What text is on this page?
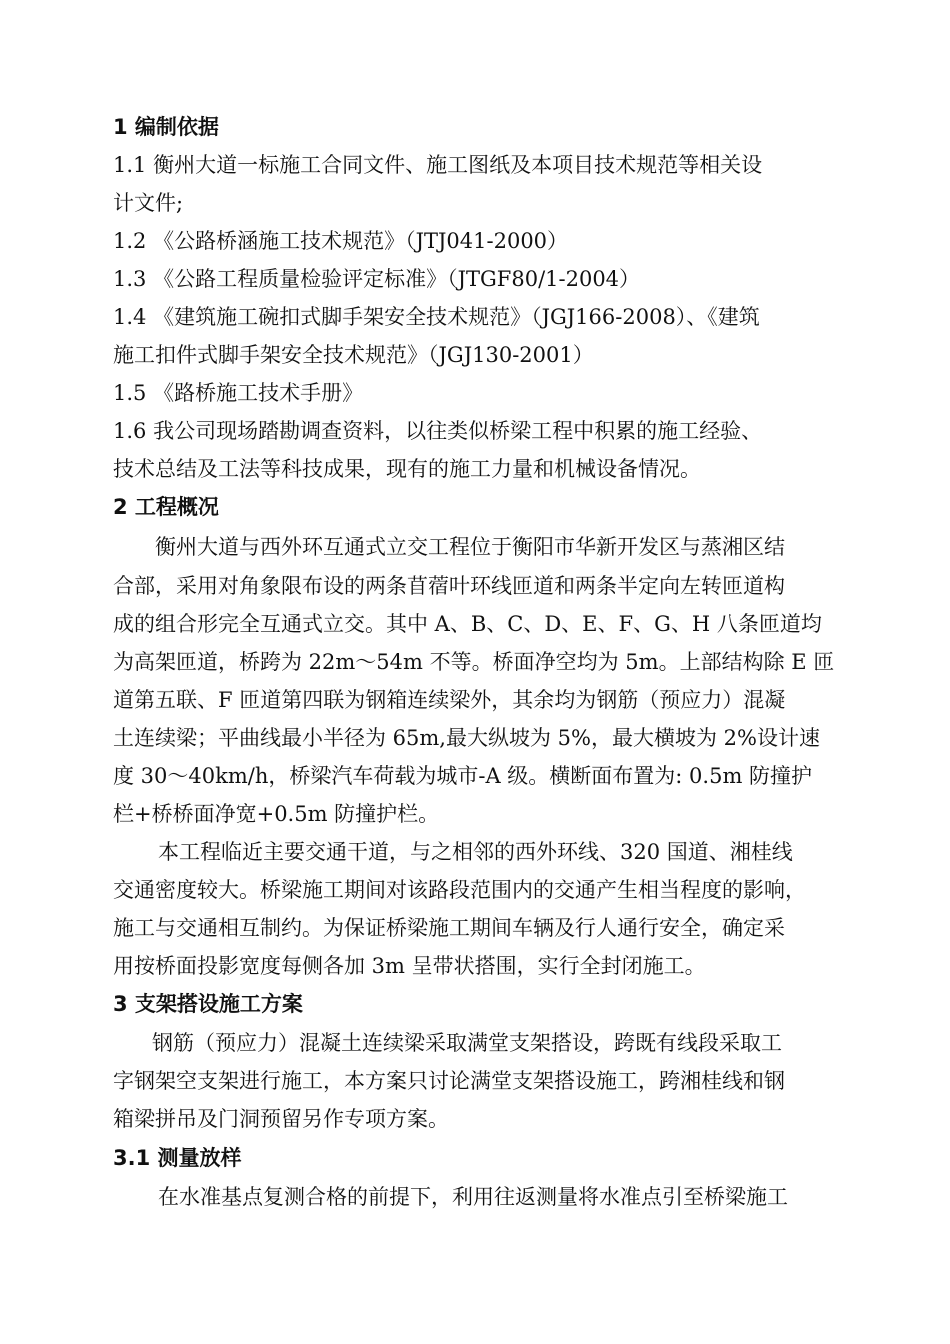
1 编制依据
1.1 衡州大道一标施工合同文件、施工图纸及本项目技术规范等相关设
计文件;
1.2 《公路桥涵施工技术规范》（JTJ041-2000）
1.3 《公路工程质量检验评定标准》（JTGF80/1-2004）
1.4 《建筑施工碗扣式脚手架安全技术规范》（JGJ166-2008）、《建筑
施工扣件式脚手架安全技术规范》（JGJ130-2001）
1.5 《路桥施工技术手册》
1.6 我公司现场踏勘调查资料，以往类似桥梁工程中积累的施工经验、
技术总结及工法等科技成果，现有的施工力量和机械设备情况。
2 工程概况
衡州大道与西外环互通式立交工程位于衡阳市华新开发区与蒸湘区结
合部，采用对角象限布设的两条苜蓿叶环线匝道和两条半定向左转匝道构
成的组合形完全互通式立交。其中 A、B、C、D、E、F、G、H 八条匝道均
为高架匝道，桥跨为 22m～54m 不等。桥面净空均为 5m。上部结构除 E 匝
道第五联、F 匝道第四联为钢箱连续梁外，其余均为钢筋（预应力）混凝
土连续梁；平曲线最小半径为 65m,最大纵坡为 5%，最大横坡为 2%设计速
度 30～40km/h，桥梁汽车荷载为城市-A 级。横断面布置为: 0.5m 防撞护
栏+桥桥面净宽+0.5m 防撞护栏。
本工程临近主要交通干道，与之相邻的西外环线、320 国道、湘桂线
交通密度较大。桥梁施工期间对该路段范围内的交通产生相当程度的影响，
施工与交通相互制约。为保证桥梁施工期间车辆及行人通行安全，确定采
用按桥面投影宽度每侧各加 3m 呈带状搭围，实行全封闭施工。
3 支架搭设施工方案
钢筋（预应力）混凝土连续梁采取满堂支架搭设，跨既有线段采取工
字钢架空支架进行施工，本方案只讨论满堂支架搭设施工，跨湘桂线和钢
箱梁拼吊及门洞预留另作专项方案。
3.1 测量放样
在水准基点复测合格的前提下，利用往返测量将水准点引至桥梁施工
